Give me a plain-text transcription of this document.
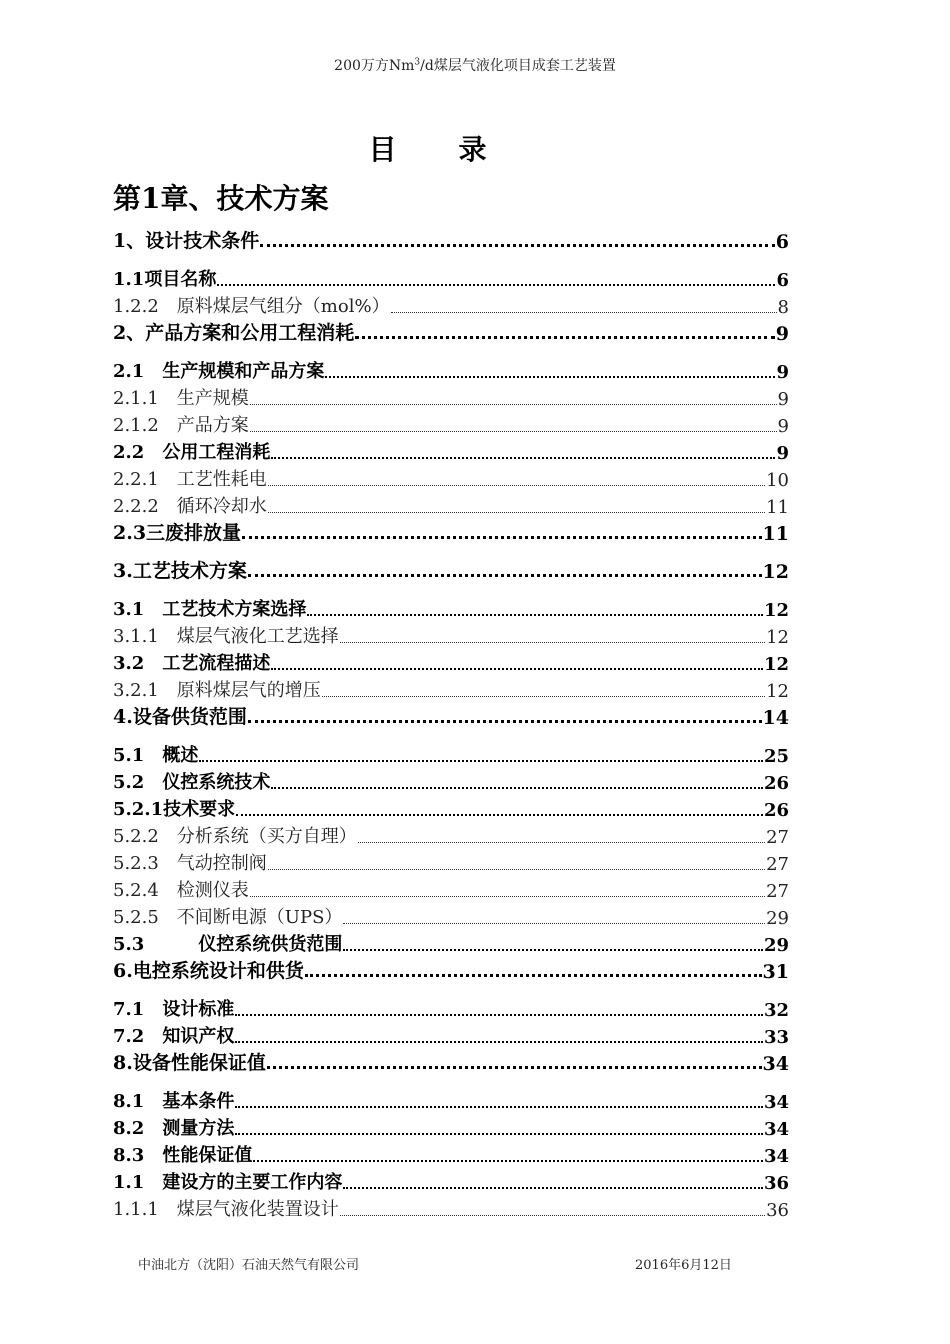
200万方Nm$^3$/d煤层气液化项目成套工艺装置
目 录
第1章、技术方案
1、设计技术条件	6
1.1项目名称	6
1.2.2　原料煤层气组分（mol%）	8
2、产品方案和公用工程消耗	9
2.1　生产规模和产品方案	9
2.1.1　生产规模	9
2.1.2　产品方案	9
2.2　公用工程消耗	9
2.2.1　工艺性耗电	10
2.2.2　循环冷却水	11
2.3三废排放量	11
3.工艺技术方案	12
3.1　工艺技术方案选择	12
3.1.1　煤层气液化工艺选择	12
3.2　工艺流程描述	12
3.2.1　原料煤层气的增压	12
4.设备供货范围	14
5.1　概述	25
5.2　仪控系统技术	26
5.2.1技术要求	26
5.2.2　分析系统（买方自理）	27
5.2.3　气动控制阀	27
5.2.4　检测仪表	27
5.2.5　不间断电源（UPS）	29
5.3　　　仪控系统供货范围	29
6.电控系统设计和供货	31
7.1　设计标准	32
7.2　知识产权	33
8.设备性能保证值	34
8.1　基本条件	34
8.2　测量方法	34
8.3　性能保证值	34
1.1　建设方的主要工作内容	36
1.1.1　煤层气液化装置设计	36
中油北方（沈阳）石油天然气有限公司	2016年6月12日
